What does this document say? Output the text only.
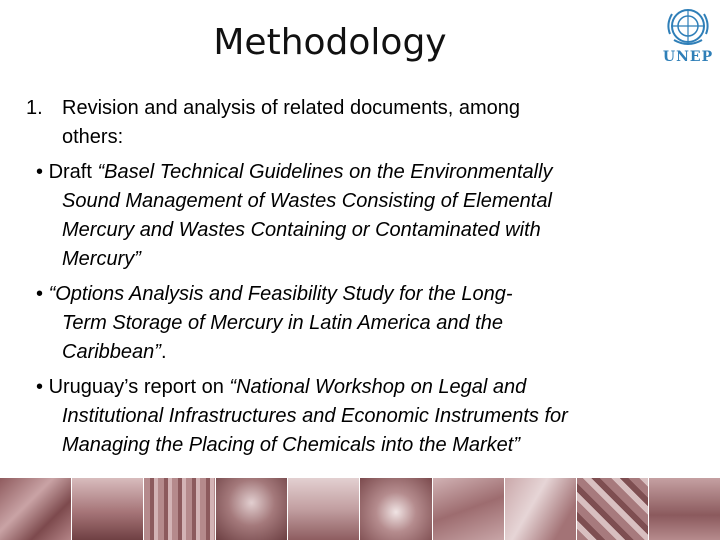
Methodology	UNEP
1. Revision and analysis of related documents, among
others:
• Draft “Basel Technical Guidelines on the Environmentally
Sound Management of Wastes Consisting of Elemental
Mercury and Wastes Containing or Contaminated with
Mercury”
• “Options Analysis and Feasibility Study for the Long-
Term Storage of Mercury in Latin America and the
Caribbean”.
• Uruguay’s report on “National Workshop on Legal and
Institutional Infrastructures and Economic Instruments for
Managing the Placing of Chemicals into the Market”
